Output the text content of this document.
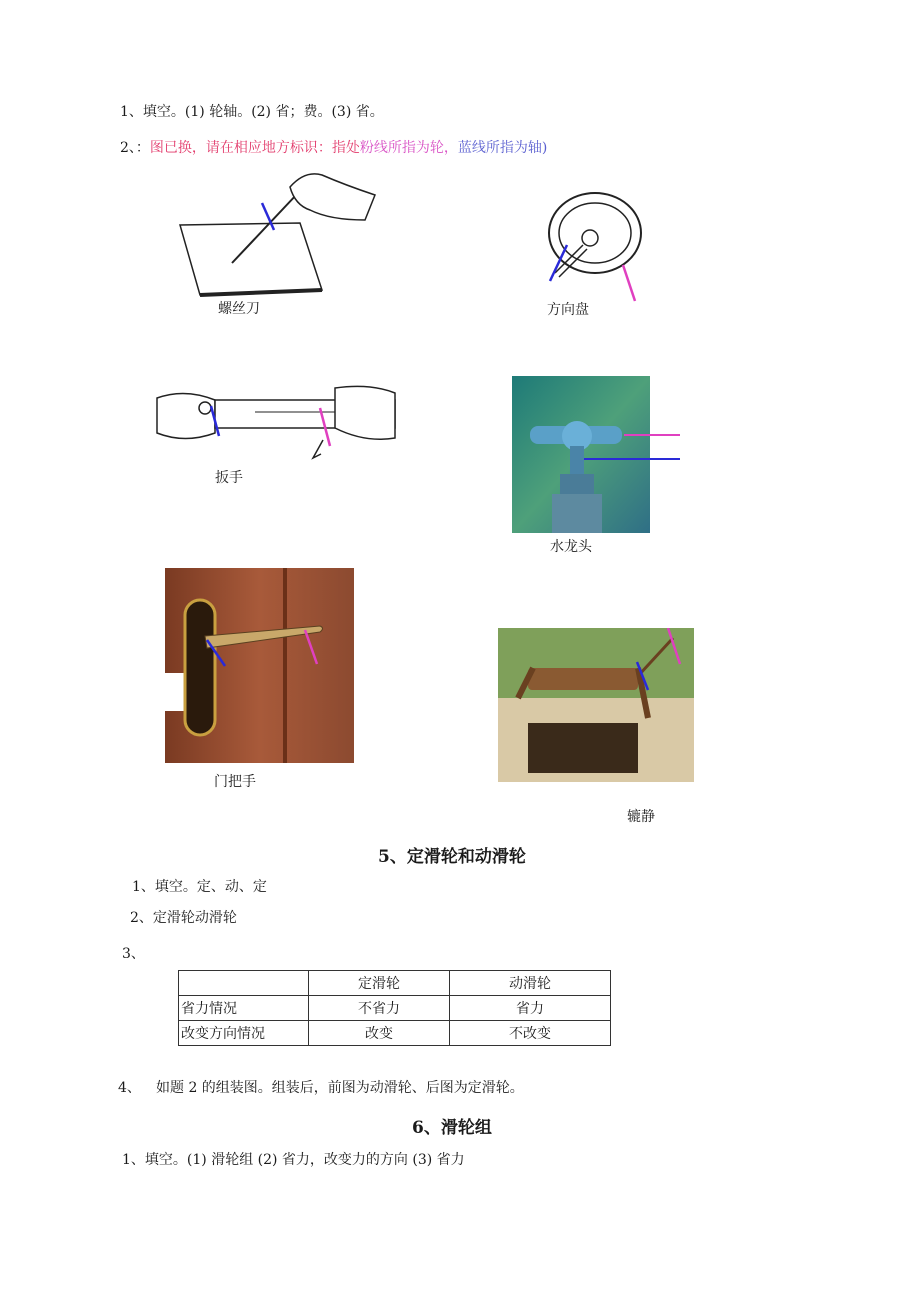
1、填空。(1) 轮轴。(2) 省；费。(3) 省。
2、：图已换，请在相应地方标识：指处粉线所指为轮，蓝线所指为轴)
螺丝刀	方向盘
扳手
水龙头
门把手
辘静
5、定滑轮和动滑轮
1、填空。定、动、定
2、定滑轮动滑轮
3、
	定滑轮	动滑轮
省力情况	不省力	省力
改变方向情况	改变	不改变
4、 如题 2 的组装图。组装后，前图为动滑轮、后图为定滑轮。
6、滑轮组
1、填空。(1) 滑轮组 (2) 省力，改变力的方向 (3) 省力
